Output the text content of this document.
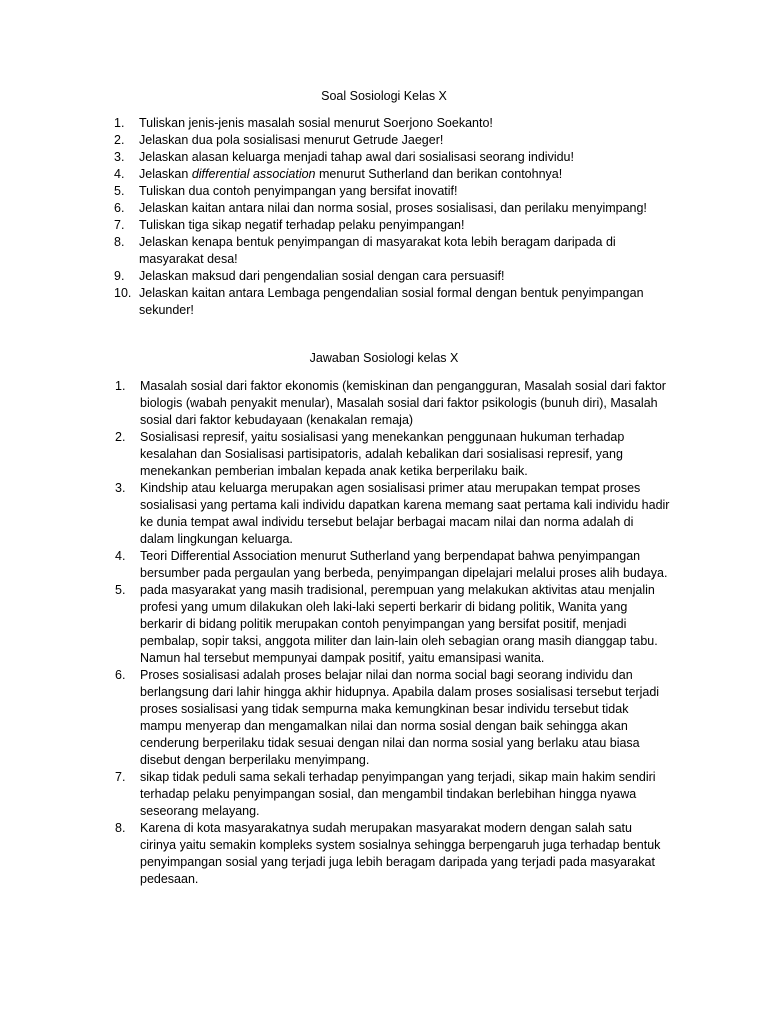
Soal Sosiologi Kelas X
1.	Tuliskan jenis-jenis masalah sosial menurut Soerjono Soekanto!
2.	Jelaskan dua pola sosialisasi menurut Getrude Jaeger!
3.	Jelaskan alasan keluarga menjadi tahap awal dari sosialisasi seorang individu!
4.	Jelaskan differential association menurut Sutherland dan berikan contohnya!
5.	Tuliskan dua contoh penyimpangan yang bersifat inovatif!
6.	Jelaskan kaitan antara nilai dan norma sosial, proses sosialisasi, dan perilaku menyimpang!
7.	Tuliskan tiga sikap negatif terhadap pelaku penyimpangan!
8.	Jelaskan kenapa bentuk penyimpangan di masyarakat kota lebih beragam daripada di masyarakat desa!
9.	Jelaskan maksud dari pengendalian sosial dengan cara persuasif!
10. Jelaskan kaitan antara Lembaga pengendalian sosial formal dengan bentuk penyimpangan sekunder!
Jawaban Sosiologi kelas X
1.	Masalah sosial dari faktor ekonomis (kemiskinan dan pengangguran, Masalah sosial dari faktor biologis (wabah penyakit menular), Masalah sosial dari faktor psikologis (bunuh diri), Masalah sosial dari faktor kebudayaan (kenakalan remaja)
2.	Sosialisasi represif, yaitu sosialisasi yang menekankan penggunaan hukuman terhadap kesalahan dan Sosialisasi partisipatoris, adalah kebalikan dari sosialisasi represif, yang menekankan pemberian imbalan kepada anak ketika berperilaku baik.
3.	Kindship atau keluarga merupakan agen sosialisasi primer atau merupakan tempat proses sosialisasi yang pertama kali individu dapatkan karena memang saat pertama kali individu hadir ke dunia tempat awal individu tersebut belajar berbagai macam nilai dan norma adalah di dalam lingkungan keluarga.
4.	Teori Differential Association menurut Sutherland yang berpendapat bahwa penyimpangan bersumber pada pergaulan yang berbeda, penyimpangan dipelajari melalui proses alih budaya.
5.	pada masyarakat yang masih tradisional, perempuan yang melakukan aktivitas atau menjalin profesi yang umum dilakukan oleh laki-laki seperti berkarir di bidang politik, Wanita yang berkarir di bidang politik merupakan contoh penyimpangan yang bersifat positif, menjadi pembalap, sopir taksi, anggota militer dan lain-lain oleh sebagian orang masih dianggap tabu. Namun hal tersebut mempunyai dampak positif, yaitu emansipasi wanita.
6.	Proses sosialisasi adalah proses belajar nilai dan norma social bagi seorang individu dan berlangsung dari lahir hingga akhir hidupnya. Apabila dalam proses sosialisasi tersebut terjadi proses sosialisasi yang tidak sempurna maka kemungkinan besar individu tersebut tidak mampu menyerap dan mengamalkan nilai dan norma sosial dengan baik sehingga akan cenderung berperilaku tidak sesuai dengan nilai dan norma sosial yang berlaku atau biasa disebut dengan berperilaku menyimpang.
7.	sikap tidak peduli sama sekali terhadap penyimpangan yang terjadi, sikap main hakim sendiri terhadap pelaku penyimpangan sosial, dan mengambil tindakan berlebihan hingga nyawa seseorang melayang.
8.	Karena di kota masyarakatnya sudah merupakan masyarakat modern dengan salah satu cirinya yaitu semakin kompleks system sosialnya sehingga berpengaruh juga terhadap bentuk penyimpangan sosial yang terjadi juga lebih beragam daripada yang terjadi pada masyarakat pedesaan.
